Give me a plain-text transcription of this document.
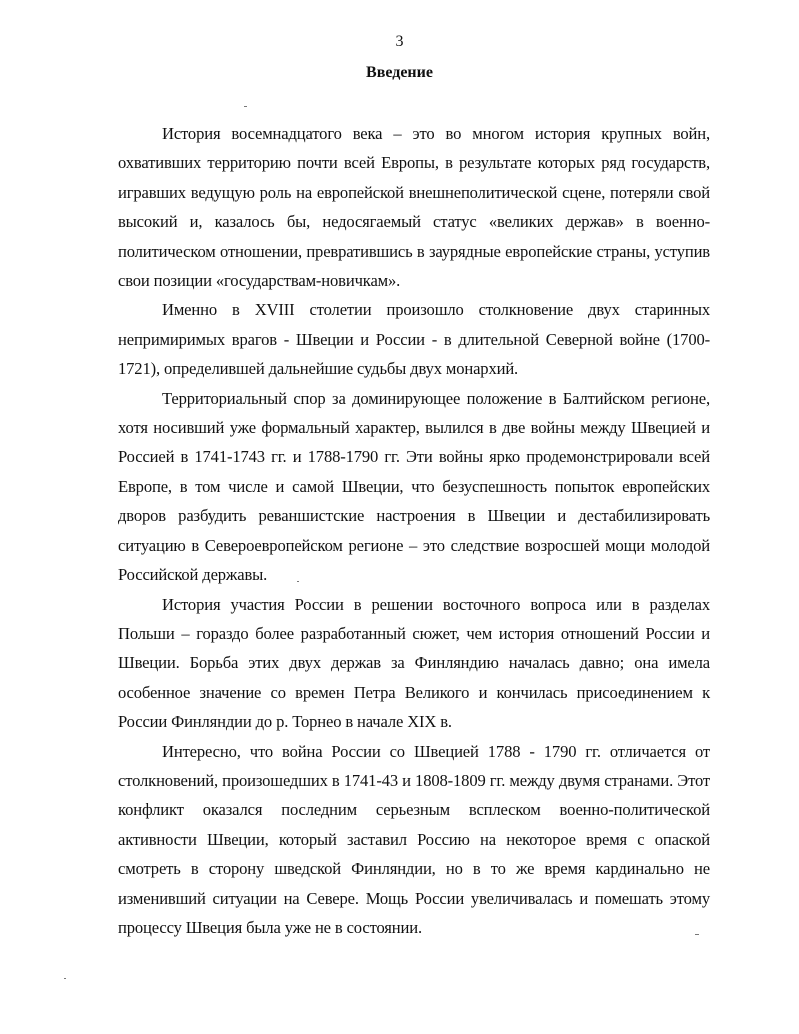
3
Введение

История восемнадцатого века – это во многом история крупных войн, охвативших территорию почти всей Европы, в результате которых ряд государств, игравших ведущую роль на европейской внешнеполитической сцене, потеряли свой высокий и, казалось бы, недосягаемый статус «великих держав» в военно-политическом отношении, превратившись в заурядные европейские страны, уступив свои позиции «государствам-новичкам».

Именно в XVIII столетии произошло столкновение двух старинных непримиримых врагов - Швеции и России - в длительной Северной войне (1700-1721), определившей дальнейшие судьбы двух монархий.

Территориальный спор за доминирующее положение в Балтийском регионе, хотя носивший уже формальный характер, вылился в две войны между Швецией и Россией в 1741-1743 гг. и 1788-1790 гг. Эти войны ярко продемонстрировали всей Европе, в том числе и самой Швеции, что безуспешность попыток европейских дворов разбудить реваншистские настроения в Швеции и дестабилизировать ситуацию в Североевропейском регионе – это следствие возросшей мощи молодой Российской державы.

История участия России в решении восточного вопроса или в разделах Польши – гораздо более разработанный сюжет, чем история отношений России и Швеции. Борьба этих двух держав за Финляндию началась давно; она имела особенное значение со времен Петра Великого и кончилась присоединением к России Финляндии до р. Торнео в начале XIX в.

Интересно, что война России со Швецией 1788 - 1790 гг. отличается от столкновений, произошедших в 1741-43 и 1808-1809 гг. между двумя странами. Этот конфликт оказался последним серьезным всплеском военно-политической активности Швеции, который заставил Россию на некоторое время с опаской смотреть в сторону шведской Финляндии, но в то же время кардинально не изменивший ситуации на Севере. Мощь России увеличивалась и помешать этому процессу Швеция была уже не в состоянии.
